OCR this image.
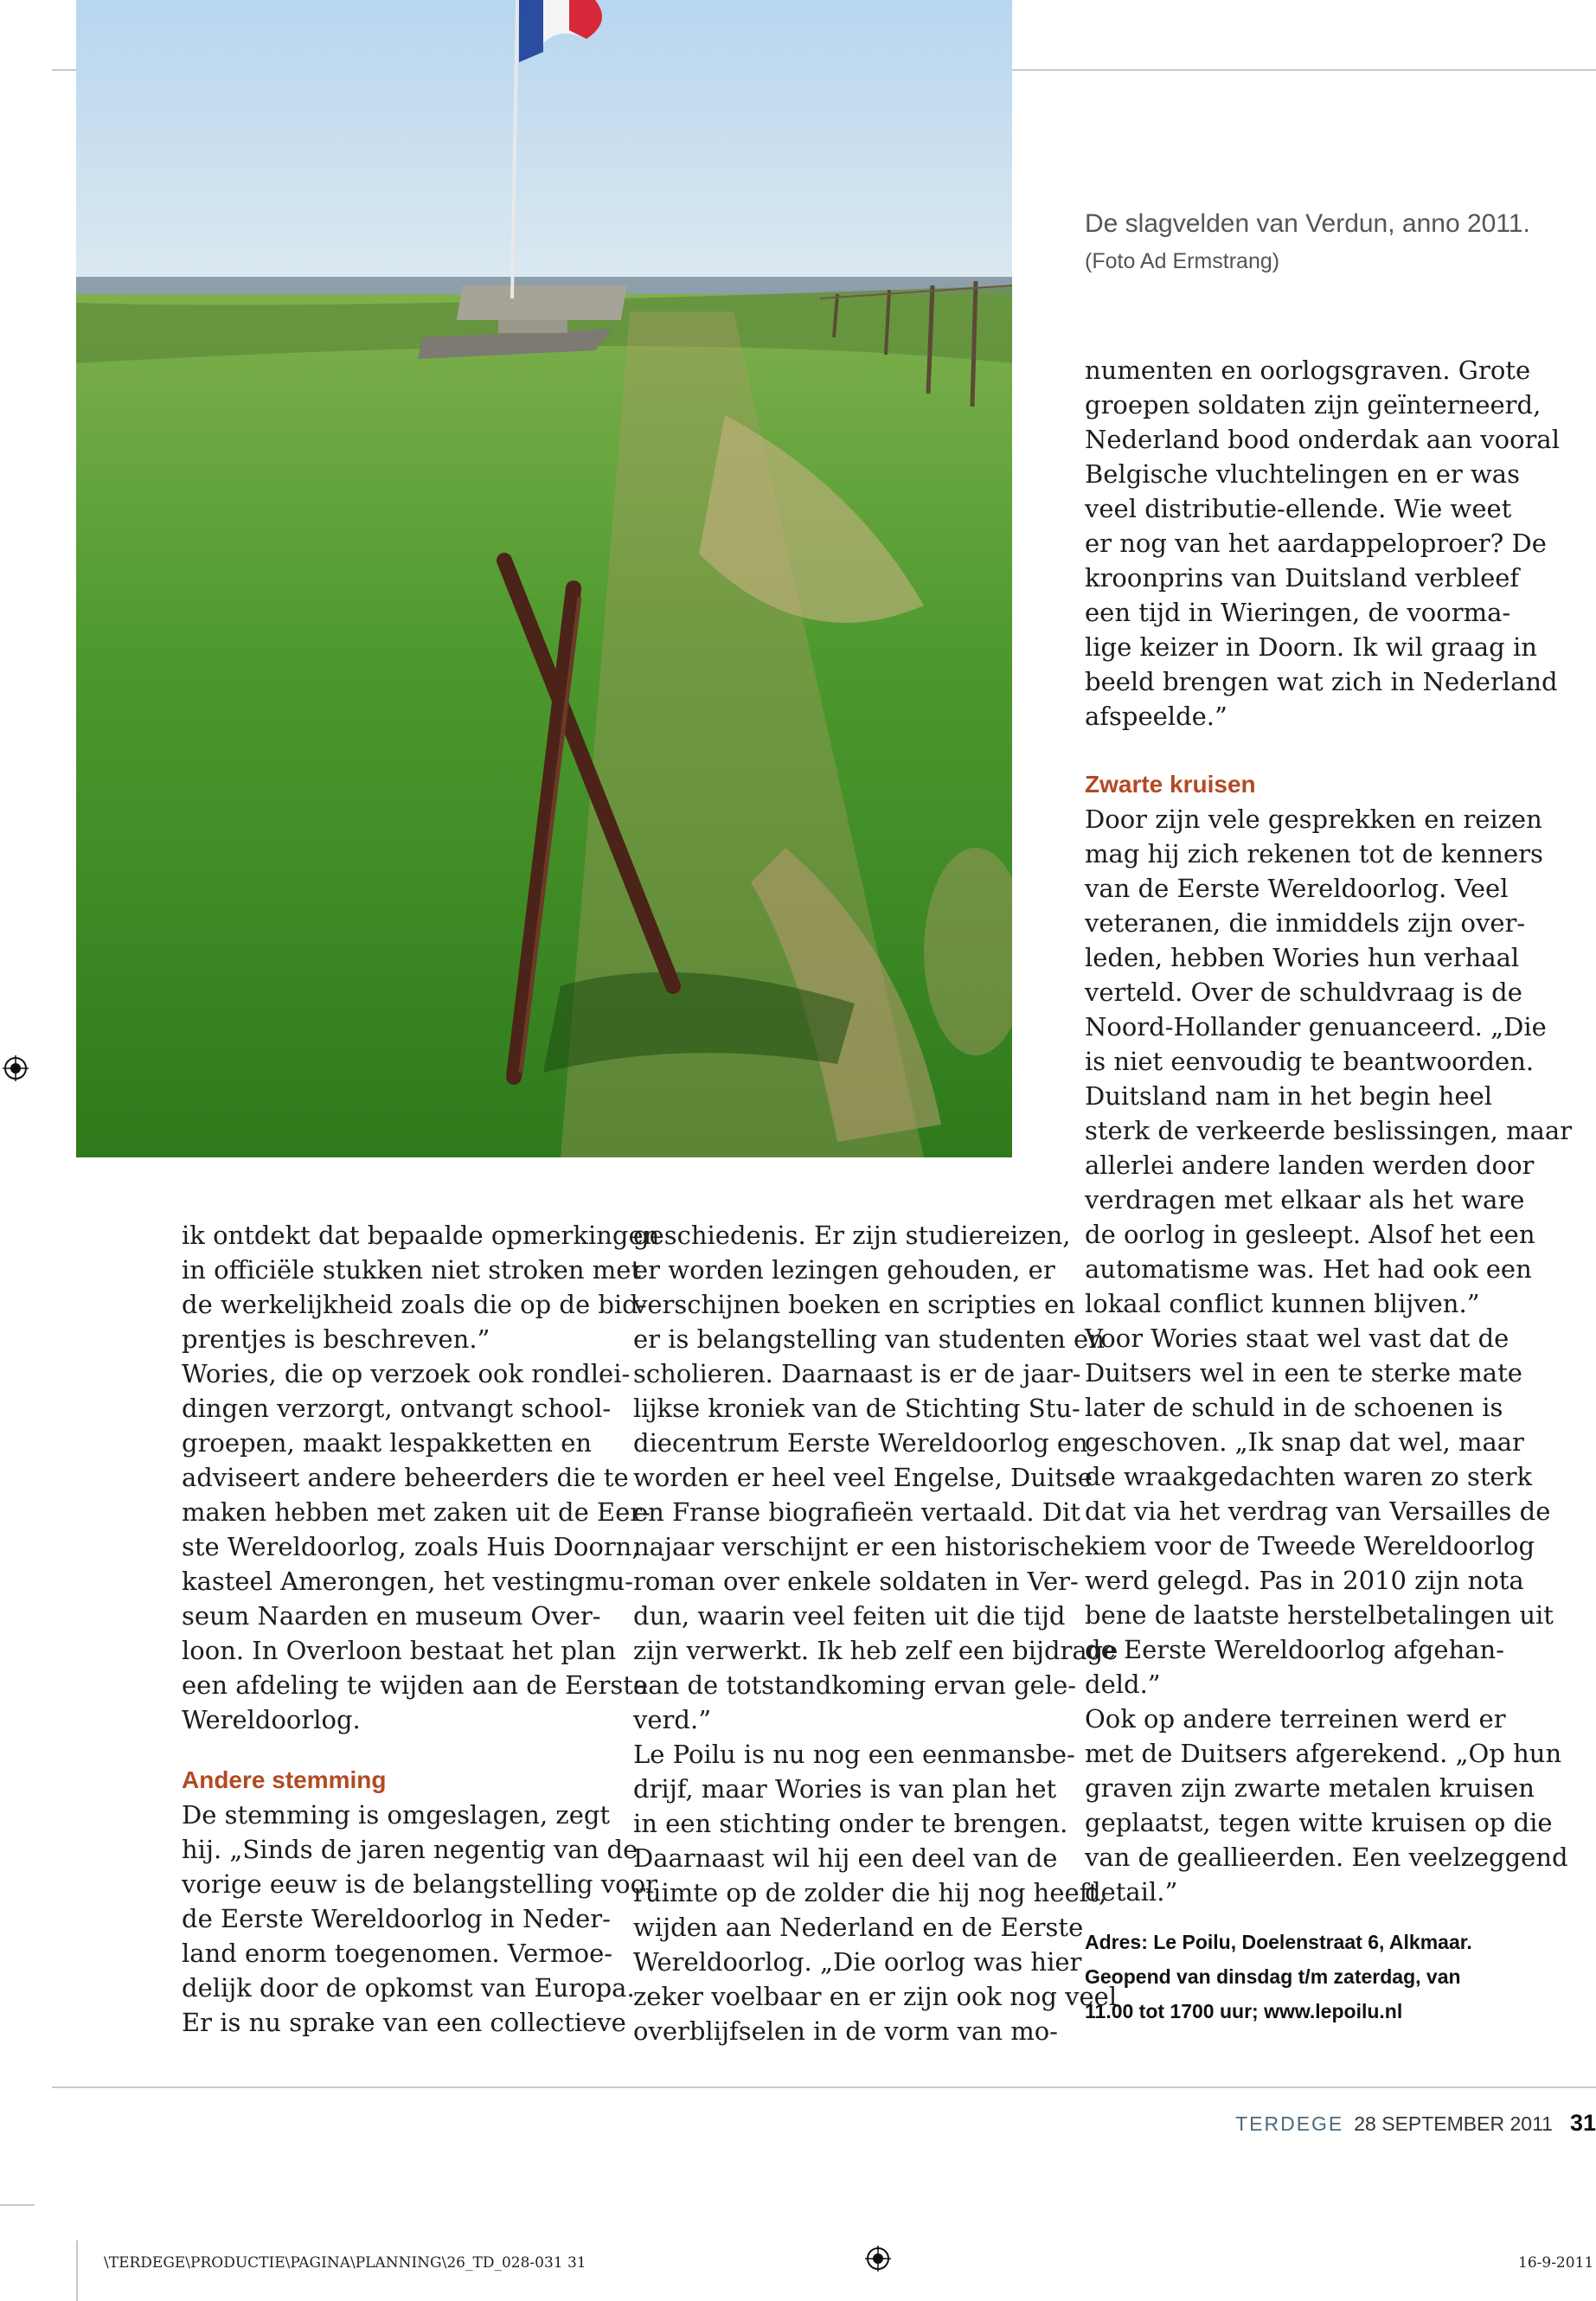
De slagvelden van Verdun, anno 2011.
(Foto Ad Ermstrang)
ik ontdekt dat bepaalde opmerkingen
in officiële stukken niet stroken met
de werkelijkheid zoals die op de bid-
prentjes is beschreven.”
Wories, die op verzoek ook rondlei-
dingen verzorgt, ontvangt school-
groepen, maakt lespakketten en
adviseert andere beheerders die te
maken hebben met zaken uit de Eer-
ste Wereldoorlog, zoals Huis Doorn,
kasteel Amerongen, het vestingmu-
seum Naarden en museum Over-
loon. In Overloon bestaat het plan
een afdeling te wijden aan de Eerste
Wereldoorlog.
Andere stemming
De stemming is omgeslagen, zegt
hij. „Sinds de jaren negentig van de
vorige eeuw is de belangstelling voor
de Eerste Wereldoorlog in Neder-
land enorm toegenomen. Vermoe-
delijk door de opkomst van Europa.
Er is nu sprake van een collectieve
geschiedenis. Er zijn studiereizen,
er worden lezingen gehouden, er
verschijnen boeken en scripties en
er is belangstelling van studenten en
scholieren. Daarnaast is er de jaar-
lijkse kroniek van de Stichting Stu-
diecentrum Eerste Wereldoorlog en
worden er heel veel Engelse, Duitse
en Franse biografieën vertaald. Dit
najaar verschijnt er een historische
roman over enkele soldaten in Ver-
dun, waarin veel feiten uit die tijd
zijn verwerkt. Ik heb zelf een bijdrage
aan de totstandkoming ervan gele-
verd.”
Le Poilu is nu nog een eenmansbe-
drijf, maar Wories is van plan het
in een stichting onder te brengen.
Daarnaast wil hij een deel van de
ruimte op de zolder die hij nog heeft,
wijden aan Nederland en de Eerste
Wereldoorlog. „Die oorlog was hier
zeker voelbaar en er zijn ook nog veel
overblijfselen in de vorm van mo-
numenten en oorlogsgraven. Grote
groepen soldaten zijn geïnterneerd,
Nederland bood onderdak aan vooral
Belgische vluchtelingen en er was
veel distributie-ellende. Wie weet
er nog van het aardappeloproer? De
kroonprins van Duitsland verbleef
een tijd in Wieringen, de voorma-
lige keizer in Doorn. Ik wil graag in
beeld brengen wat zich in Nederland
afspeelde.”
Zwarte kruisen
Door zijn vele gesprekken en reizen
mag hij zich rekenen tot de kenners
van de Eerste Wereldoorlog. Veel
veteranen, die inmiddels zijn over-
leden, hebben Wories hun verhaal
verteld. Over de schuldvraag is de
Noord-Hollander genuanceerd. „Die
is niet eenvoudig te beantwoorden.
Duitsland nam in het begin heel
sterk de verkeerde beslissingen, maar
allerlei andere landen werden door
verdragen met elkaar als het ware
de oorlog in gesleept. Alsof het een
automatisme was. Het had ook een
lokaal conflict kunnen blijven.”
Voor Wories staat wel vast dat de
Duitsers wel in een te sterke mate
later de schuld in de schoenen is
geschoven. „Ik snap dat wel, maar
de wraakgedachten waren zo sterk
dat via het verdrag van Versailles de
kiem voor de Tweede Wereldoorlog
werd gelegd. Pas in 2010 zijn nota
bene de laatste herstelbetalingen uit
de Eerste Wereldoorlog afgehan-
deld.”
Ook op andere terreinen werd er
met de Duitsers afgerekend. „Op hun
graven zijn zwarte metalen kruisen
geplaatst, tegen witte kruisen op die
van de geallieerden. Een veelzeggend
detail.”
Adres: Le Poilu, Doelenstraat 6, Alkmaar.
Geopend van dinsdag t/m zaterdag, van
11.00 tot 1700 uur; www.lepoilu.nl
TERDEGE 28 SEPTEMBER 2011 31
\TERDEGE\PRODUCTIE\PAGINA\PLANNING\26_TD_028-031 31	16-9-2011
